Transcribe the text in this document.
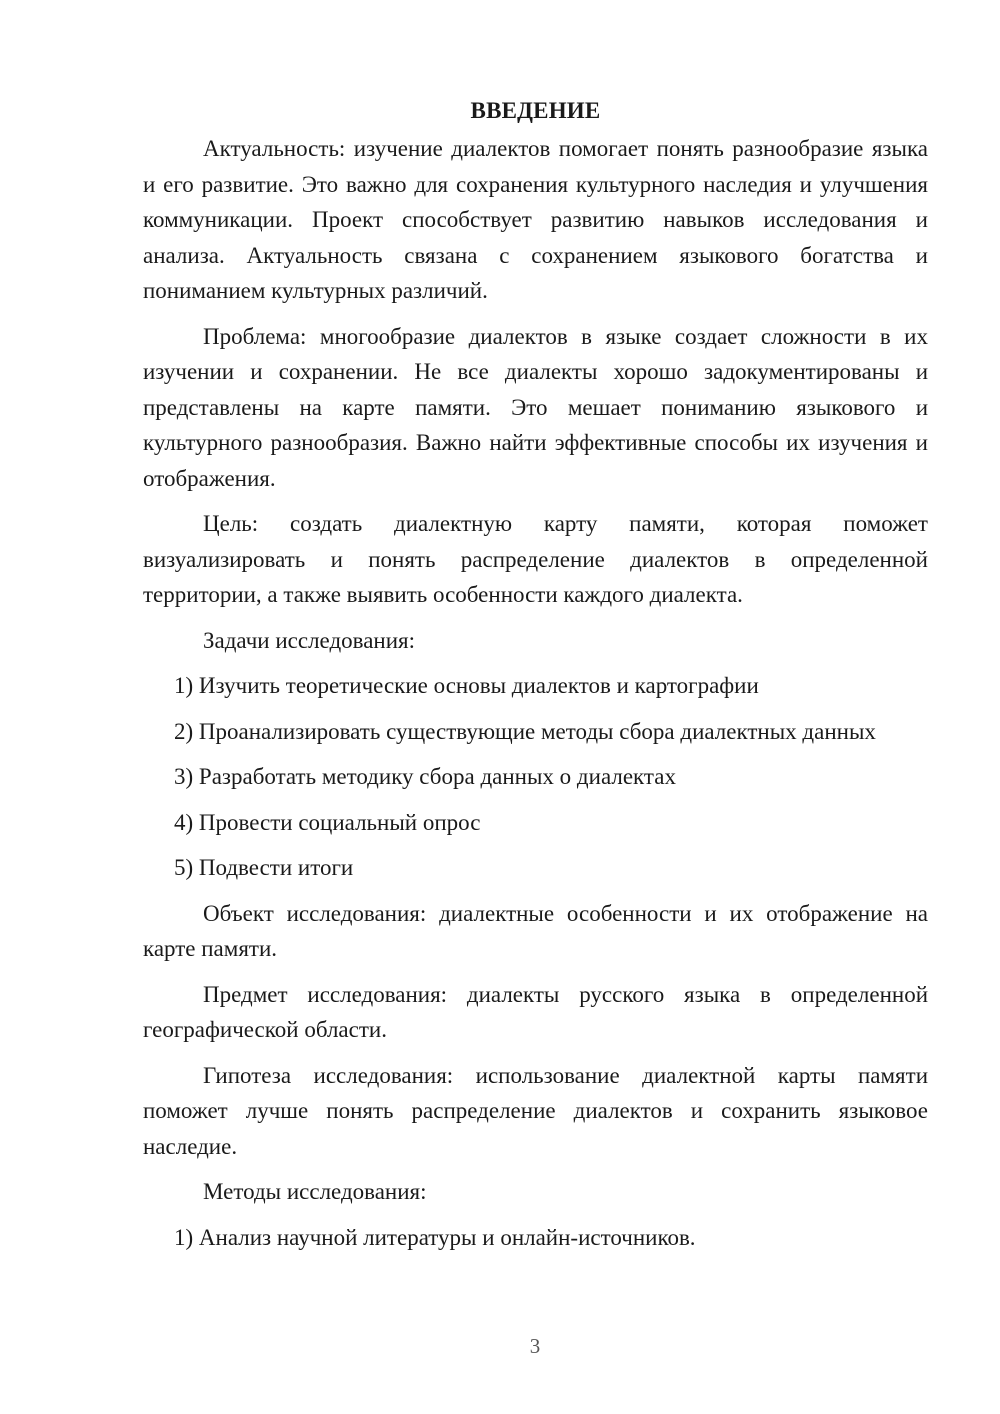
ВВЕДЕНИЕ

Актуальность: изучение диалектов помогает понять разнообразие языка и его развитие. Это важно для сохранения культурного наследия и улучшения коммуникации. Проект способствует развитию навыков исследования и анализа. Актуальность связана с сохранением языкового богатства и пониманием культурных различий.

Проблема: многообразие диалектов в языке создает сложности в их изучении и сохранении. Не все диалекты хорошо задокументированы и представлены на карте памяти. Это мешает пониманию языкового и культурного разнообразия. Важно найти эффективные способы их изучения и отображения.

Цель: создать диалектную карту памяти, которая поможет визуализировать и понять распределение диалектов в определенной территории, а также выявить особенности каждого диалекта.

Задачи исследования:

1) Изучить теоретические основы диалектов и картографии

2) Проанализировать существующие методы сбора диалектных данных

3) Разработать методику сбора данных о диалектах

4) Провести социальный опрос

5) Подвести итоги

Объект исследования: диалектные особенности и их отображение на карте памяти.

Предмет исследования: диалекты русского языка в определенной географической области.

Гипотеза исследования: использование диалектной карты памяти поможет лучше понять распределение диалектов и сохранить языковое наследие.

Методы исследования:

1) Анализ научной литературы и онлайн-источников.

3
